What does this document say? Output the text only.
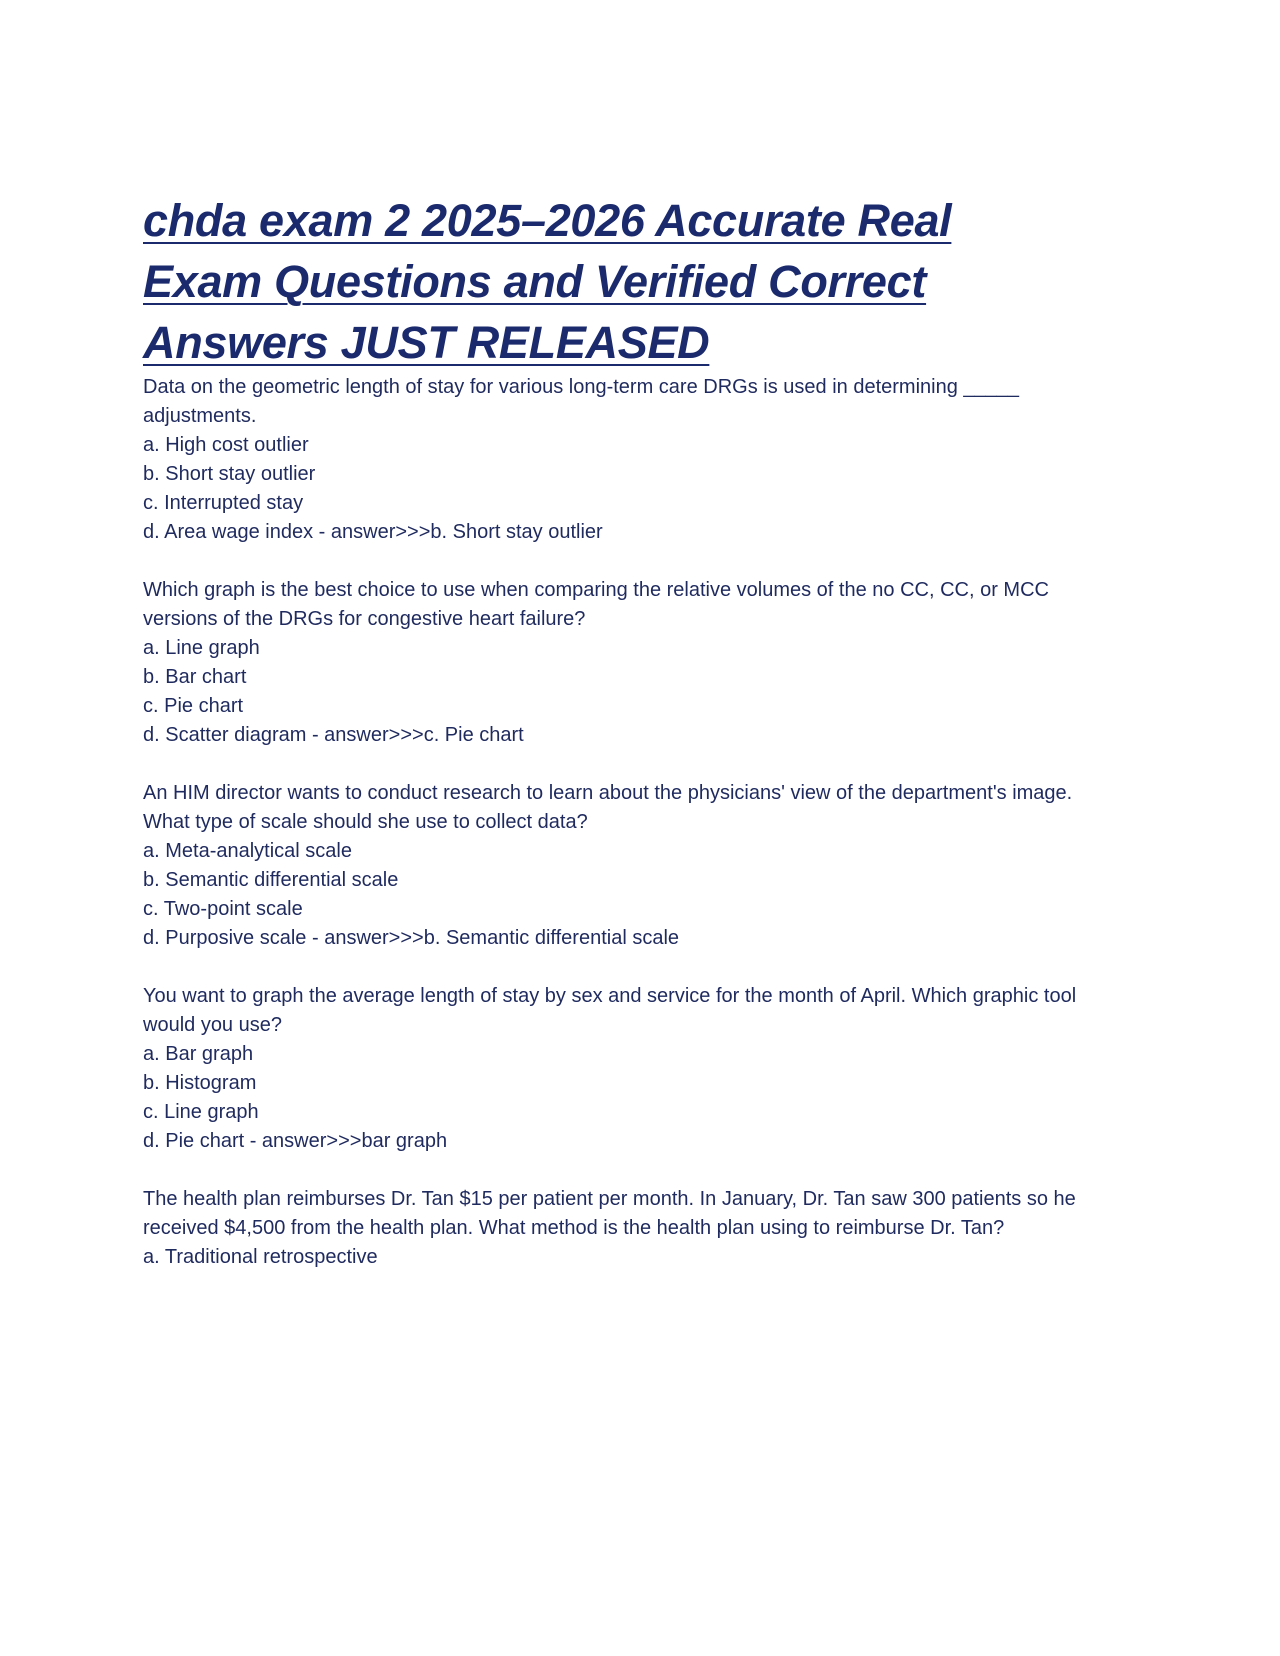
chda exam 2 2025–2026 Accurate Real
Exam Questions and Verified Correct
Answers JUST RELEASED

Data on the geometric length of stay for various long-term care DRGs is used in determining _____ adjustments.

a. High cost outlier

b. Short stay outlier

c. Interrupted stay

d. Area wage index - answer>>>b. Short stay outlier

Which graph is the best choice to use when comparing the relative volumes of the no CC, CC, or MCC versions of the DRGs for congestive heart failure?

a. Line graph

b. Bar chart

c. Pie chart

d. Scatter diagram - answer>>>c. Pie chart

An HIM director wants to conduct research to learn about the physicians' view of the department's image. What type of scale should she use to collect data?

a. Meta-analytical scale

b. Semantic differential scale

c. Two-point scale

d. Purposive scale - answer>>>b. Semantic differential scale

You want to graph the average length of stay by sex and service for the month of April. Which graphic tool would you use?

a. Bar graph

b. Histogram

c. Line graph

d. Pie chart - answer>>>bar graph

The health plan reimburses Dr. Tan $15 per patient per month. In January, Dr. Tan saw 300 patients so he received $4,500 from the health plan. What method is the health plan using to reimburse Dr. Tan?

a. Traditional retrospective
